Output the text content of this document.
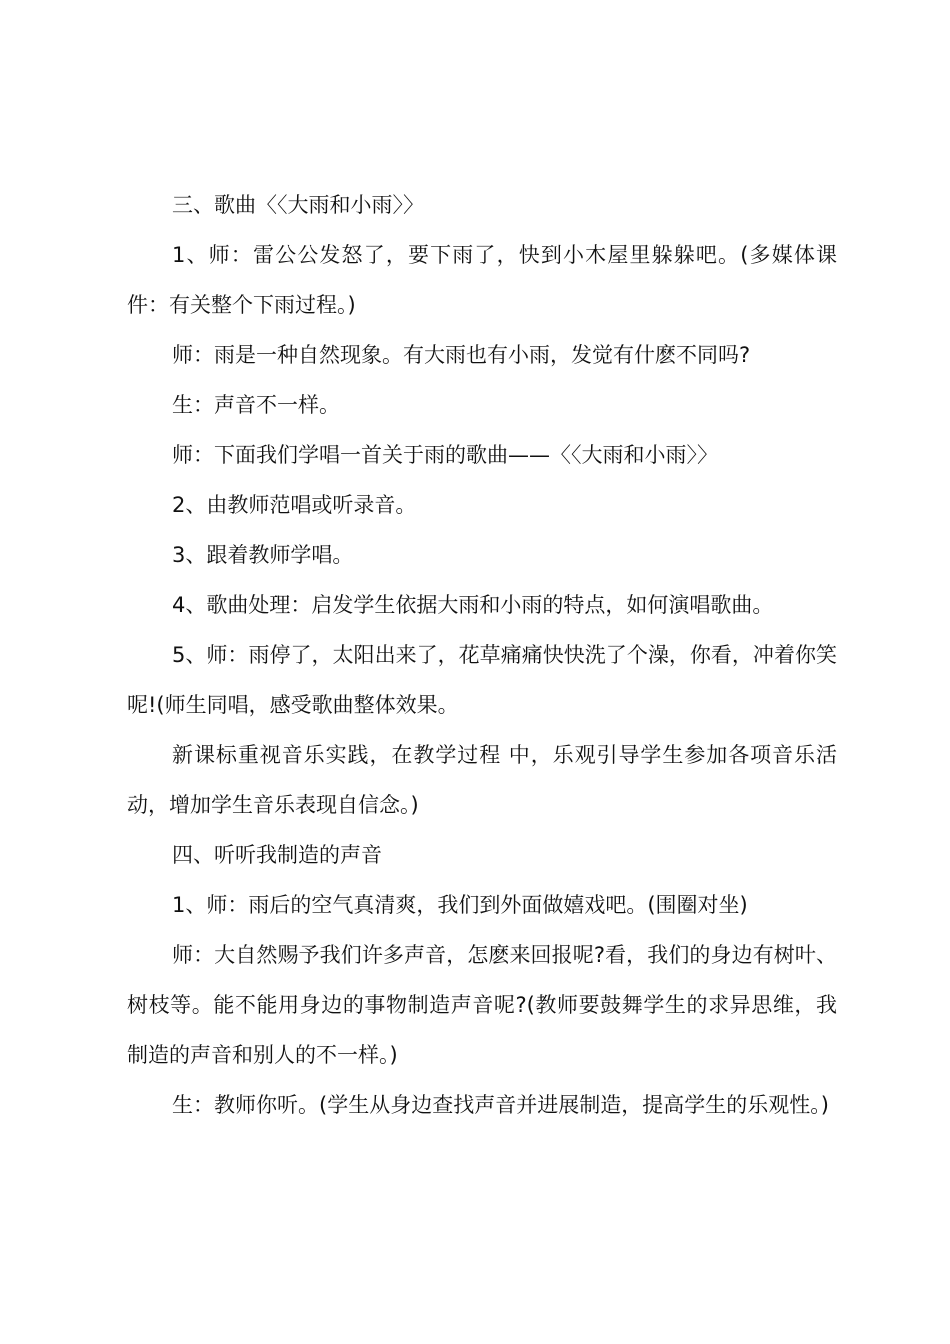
三、歌曲〈〈大雨和小雨〉〉

1、师：雷公公发怒了，要下雨了，快到小木屋里躲躲吧。(多媒体课件：有关整个下雨过程。)

师：雨是一种自然现象。有大雨也有小雨，发觉有什麽不同吗?

生：声音不一样。

师：下面我们学唱一首关于雨的歌曲——〈〈大雨和小雨〉〉

2、由教师范唱或听录音。

3、跟着教师学唱。

4、歌曲处理：启发学生依据大雨和小雨的特点，如何演唱歌曲。

5、师：雨停了，太阳出来了，花草痛痛快快洗了个澡，你看，冲着你笑呢!(师生同唱，感受歌曲整体效果。

新课标重视音乐实践，在教学过程 中，乐观引导学生参加各项音乐活动，增加学生音乐表现自信念。)

四、听听我制造的声音

1、师：雨后的空气真清爽，我们到外面做嬉戏吧。(围圈对坐)

师：大自然赐予我们许多声音，怎麽来回报呢?看，我们的身边有树叶、树枝等。能不能用身边的事物制造声音呢?(教师要鼓舞学生的求异思维，我制造的声音和别人的不一样。)

生：教师你听。(学生从身边查找声音并进展制造，提高学生的乐观性。)
